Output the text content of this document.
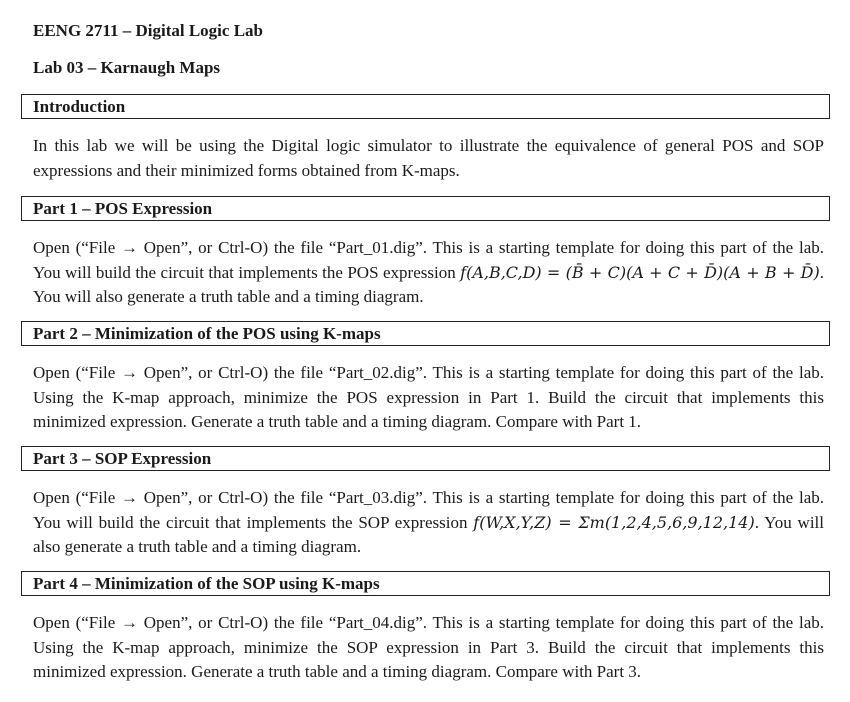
EENG 2711 – Digital Logic Lab
Lab 03 – Karnaugh Maps
Introduction
In this lab we will be using the Digital logic simulator to illustrate the equivalence of general POS and SOP expressions and their minimized forms obtained from K-maps.
Part 1 – POS Expression
Open (“File → Open”, or Ctrl-O) the file “Part_01.dig”. This is a starting template for doing this part of the lab. You will build the circuit that implements the POS expression f(A,B,C,D) = (B̄ + C)(A + C + D̄)(A + B + D̄). You will also generate a truth table and a timing diagram.
Part 2 – Minimization of the POS using K-maps
Open (“File → Open”, or Ctrl-O) the file “Part_02.dig”. This is a starting template for doing this part of the lab. Using the K-map approach, minimize the POS expression in Part 1. Build the circuit that implements this minimized expression. Generate a truth table and a timing diagram. Compare with Part 1.
Part 3 – SOP Expression
Open (“File → Open”, or Ctrl-O) the file “Part_03.dig”. This is a starting template for doing this part of the lab. You will build the circuit that implements the SOP expression f(W,X,Y,Z) = Σm(1,2,4,5,6,9,12,14). You will also generate a truth table and a timing diagram.
Part 4 – Minimization of the SOP using K-maps
Open (“File → Open”, or Ctrl-O) the file “Part_04.dig”. This is a starting template for doing this part of the lab. Using the K-map approach, minimize the SOP expression in Part 3. Build the circuit that implements this minimized expression. Generate a truth table and a timing diagram. Compare with Part 3.
